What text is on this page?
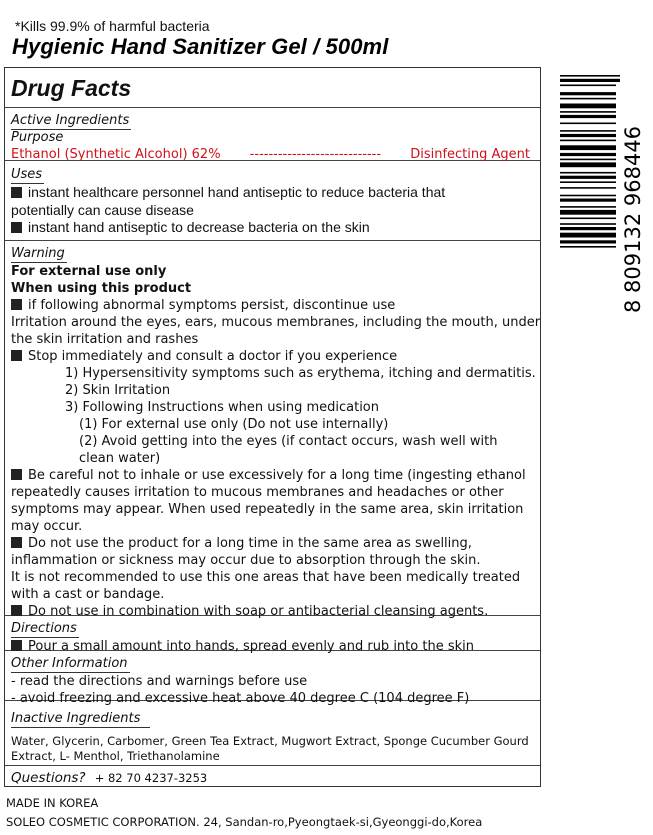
*Kills 99.9% of harmful bacteria
Hygienic Hand Sanitizer Gel / 500ml
Drug Facts
Active Ingredients
Purpose
Ethanol (Synthetic Alcohol) 62% ---------------------------- Disinfecting Agent
Uses
instant healthcare personnel hand antiseptic to reduce bacteria that
potentially can cause disease
instant hand antiseptic to decrease bacteria on the skin
Warning
For external use only
When using this product
if following abnormal symptoms persist, discontinue use
Irritation around the eyes, ears, mucous membranes, including the mouth, under
the skin irritation and rashes
Stop immediately and consult a doctor if you experience
1) Hypersensitivity symptoms such as erythema, itching and dermatitis.
2) Skin Irritation
3) Following Instructions when using medication
(1) For external use only (Do not use internally)
(2) Avoid getting into the eyes (if contact occurs, wash well with
clean water)
Be careful not to inhale or use excessively for a long time (ingesting ethanol
repeatedly causes irritation to mucous membranes and headaches or other
symptoms may appear. When used repeatedly in the same area, skin irritation
may occur.
Do not use the product for a long time in the same area as swelling,
inflammation or sickness may occur due to absorption through the skin.
It is not recommended to use this one areas that have been medically treated
with a cast or bandage.
Do not use in combination with soap or antibacterial cleansing agents.
Directions
Pour a small amount into hands, spread evenly and rub into the skin
Other Information
- read the directions and warnings before use
- avoid freezing and excessive heat above 40 degree C (104 degree F)
Inactive Ingredients
Water, Glycerin, Carbomer, Green Tea Extract, Mugwort Extract, Sponge Cucumber Gourd
Extract, L- Menthol, Triethanolamine
Questions? + 82 70 4237-3253
MADE IN KOREA
SOLEO COSMETIC CORPORATION. 24, Sandan-ro,Pyeongtaek-si,Gyeonggi-do,Korea
8 809132 968446
